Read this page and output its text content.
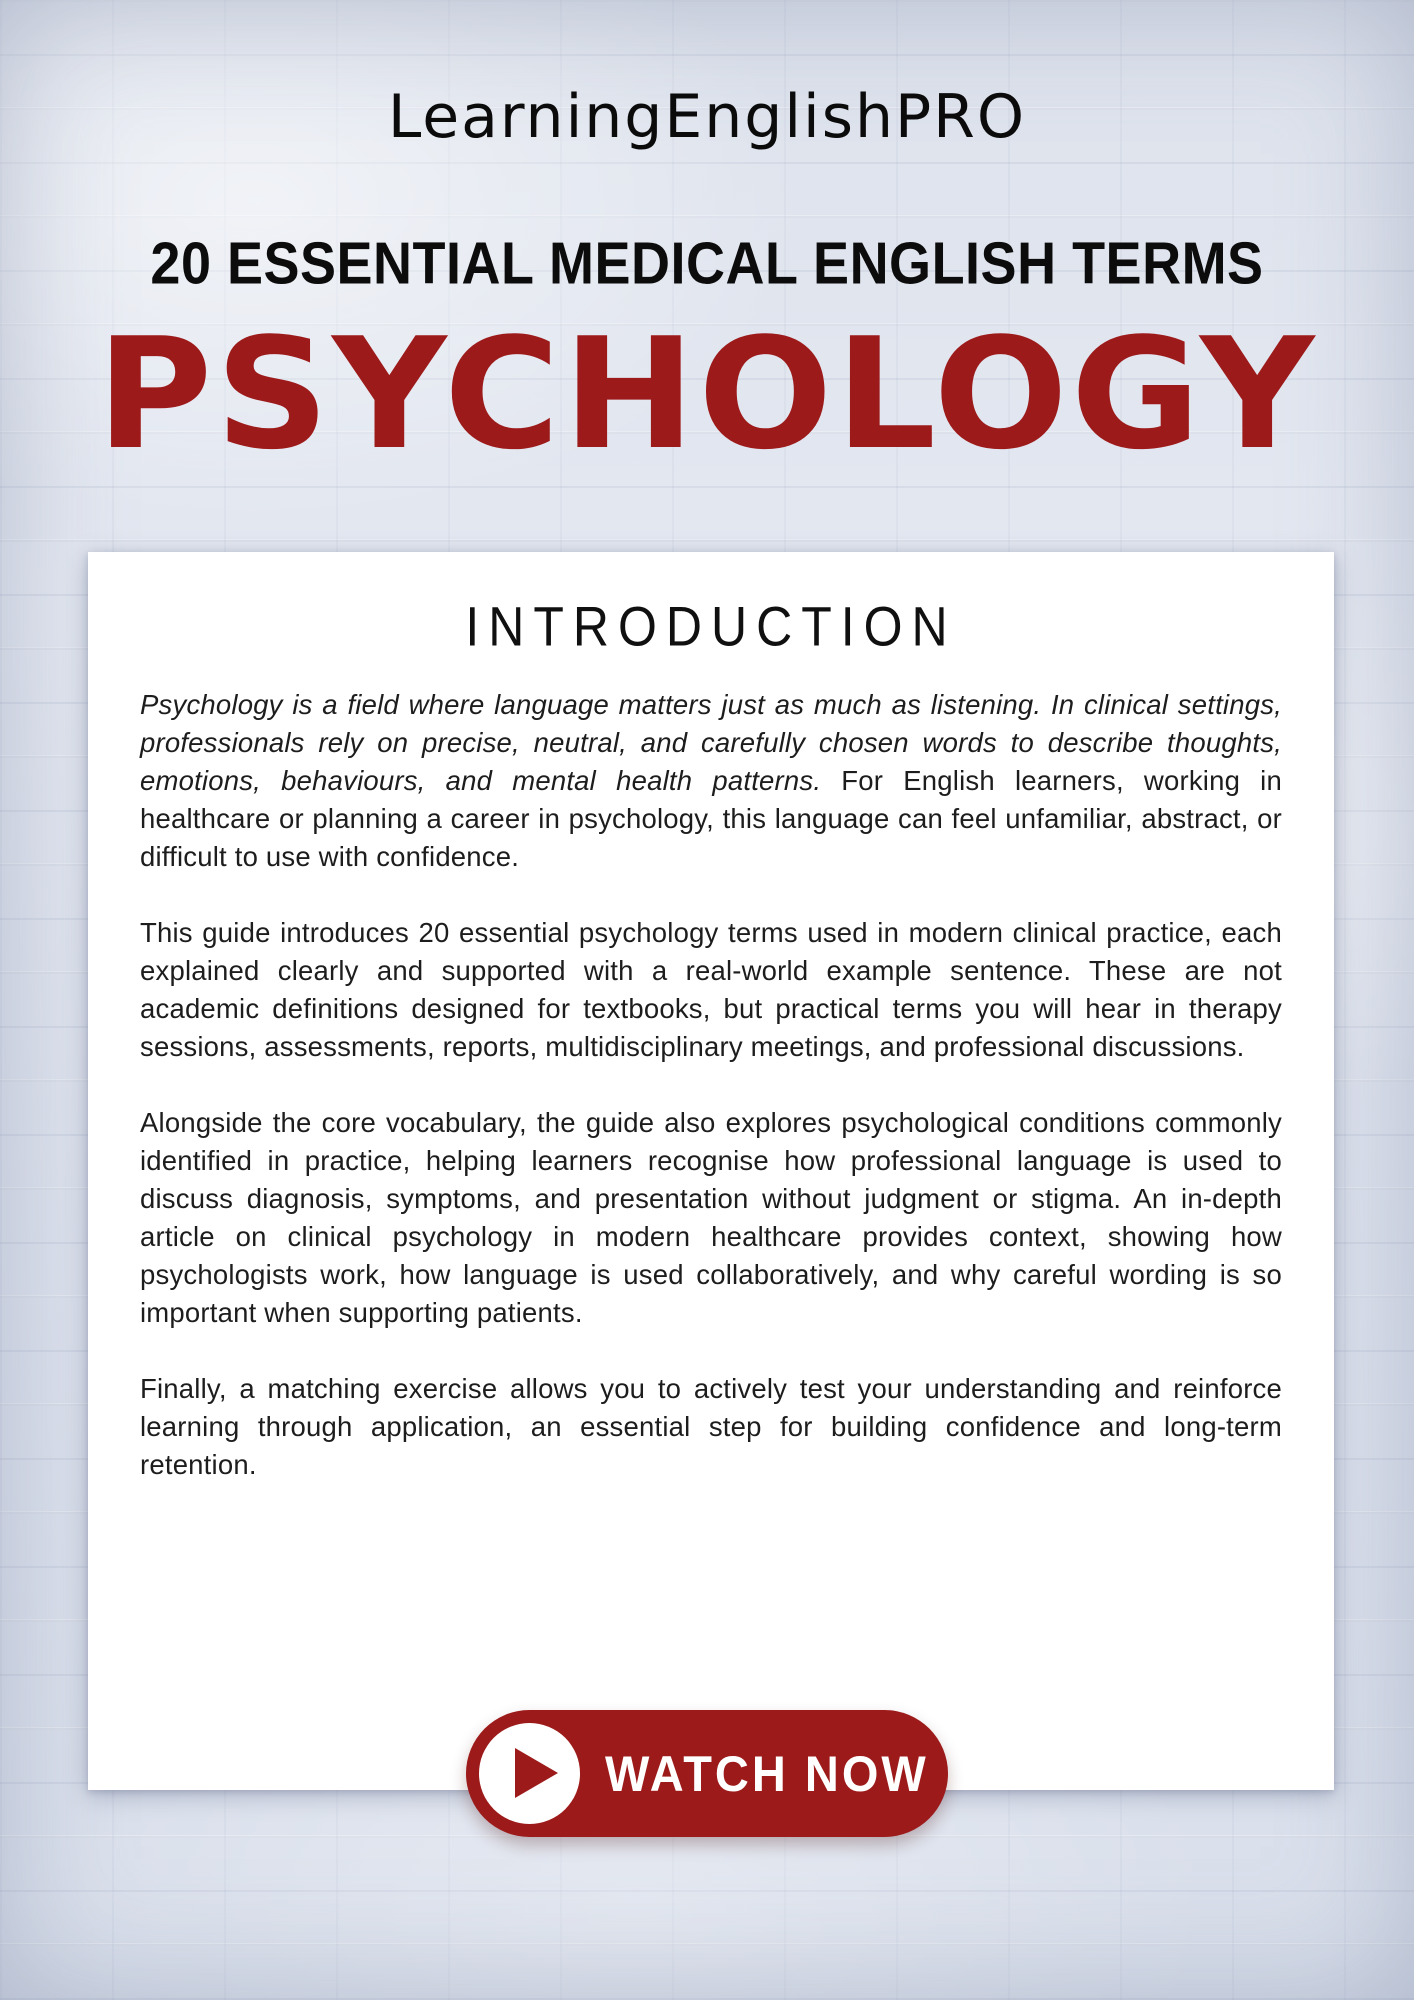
LearningEnglishPRO
20 ESSENTIAL MEDICAL ENGLISH TERMS
PSYCHOLOGY
INTRODUCTION

Psychology is a field where language matters just as much as listening. In clinical settings, professionals rely on precise, neutral, and carefully chosen words to describe thoughts, emotions, behaviours, and mental health patterns. For English learners, working in healthcare or planning a career in psychology, this language can feel unfamiliar, abstract, or difficult to use with confidence.

This guide introduces 20 essential psychology terms used in modern clinical practice, each explained clearly and supported with a real-world example sentence. These are not academic definitions designed for textbooks, but practical terms you will hear in therapy sessions, assessments, reports, multidisciplinary meetings, and professional discussions.

Alongside the core vocabulary, the guide also explores psychological conditions commonly identified in practice, helping learners recognise how professional language is used to discuss diagnosis, symptoms, and presentation without judgment or stigma. An in-depth article on clinical psychology in modern healthcare provides context, showing how psychologists work, how language is used collaboratively, and why careful wording is so important when supporting patients.

Finally, a matching exercise allows you to actively test your understanding and reinforce learning through application, an essential step for building confidence and long-term retention.

WATCH NOW
